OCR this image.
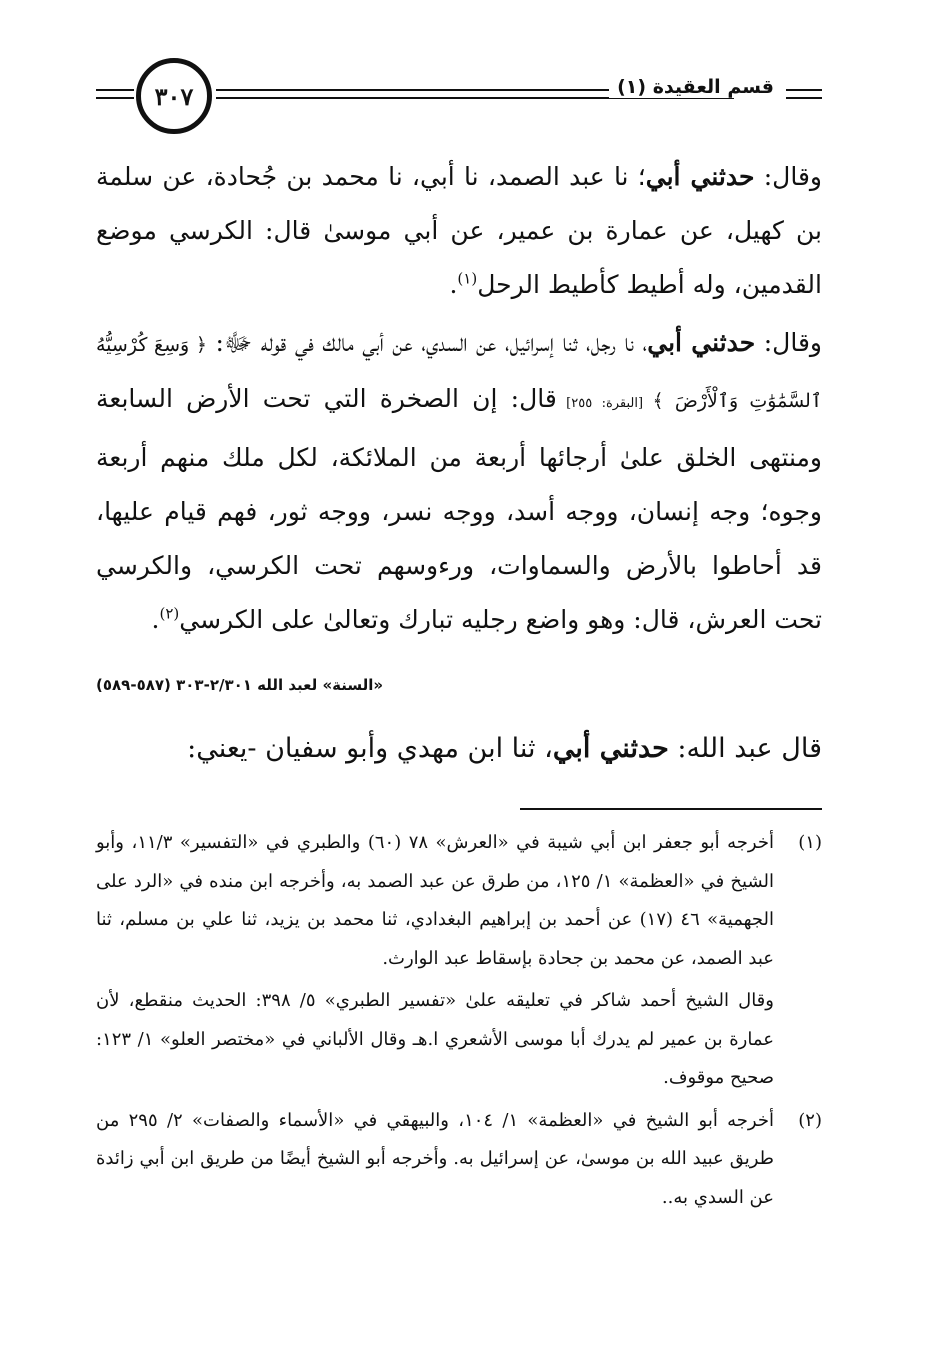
٣٠٧	قسم العقيدة (١)

وقال: حدثني أبي؛ نا عبد الصمد، نا أبي، نا محمد بن جُحادة، عن سلمة بن كهيل، عن عمارة بن عمير، عن أبي موسىٰ قال: الكرسي موضع القدمين، وله أطيط كأطيط الرحل$^{(١)}$.

وقال: حدثني أبي، نا رجل، ثنا إسرائيل، عن السدي، عن أبي مالك في قوله ﷻ: ﴿ وَسِعَ كُرْسِيُّهُ ٱلسَّمَٰوَٰتِ وَٱلْأَرْضَ ﴾ [البقرة: ٢٥٥] قال: إن الصخرة التي تحت الأرض السابعة ومنتهى الخلق علىٰ أرجائها أربعة من الملائكة، لكل ملك منهم أربعة وجوه؛ وجه إنسان، ووجه أسد، ووجه نسر، ووجه ثور، فهم قيام عليها، قد أحاطوا بالأرض والسماوات، ورءوسهم تحت الكرسي، والكرسي تحت العرش، قال: وهو واضع رجليه تبارك وتعالىٰ على الكرسي$^{(٢)}$.

«السنة» لعبد الله ٢/٣٠١-٣٠٣ (٥٨٧-٥٨٩)

قال عبد الله: حدثني أبي، ثنا ابن مهدي وأبو سفيان -يعني:

(١)

أخرجه أبو جعفر ابن أبي شيبة في «العرش» ٧٨ (٦٠) والطبري في «التفسير» ١١/٣، وأبو الشيخ في «العظمة» ١/ ١٢٥، من طرق عن عبد الصمد به، وأخرجه ابن منده في «الرد على الجهمية» ٤٦ (١٧) عن أحمد بن إبراهيم البغدادي، ثنا محمد بن يزيد، ثنا علي بن مسلم، ثنا عبد الصمد، عن محمد بن جحادة بإسقاط عبد الوارث.

وقال الشيخ أحمد شاكر في تعليقه علىٰ «تفسير الطبري» ٥/ ٣٩٨: الحديث منقطع، لأن عمارة بن عمير لم يدرك أبا موسى الأشعري ا.هـ وقال الألباني في «مختصر العلو» ١/ ١٢٣: صحيح موقوف.

(٢)

أخرجه أبو الشيخ في «العظمة» ١/ ١٠٤، والبيهقي في «الأسماء والصفات» ٢/ ٢٩٥ من طريق عبيد الله بن موسىٰ، عن إسرائيل به. وأخرجه أبو الشيخ أيضًا من طريق ابن أبي زائدة عن السدي به..
